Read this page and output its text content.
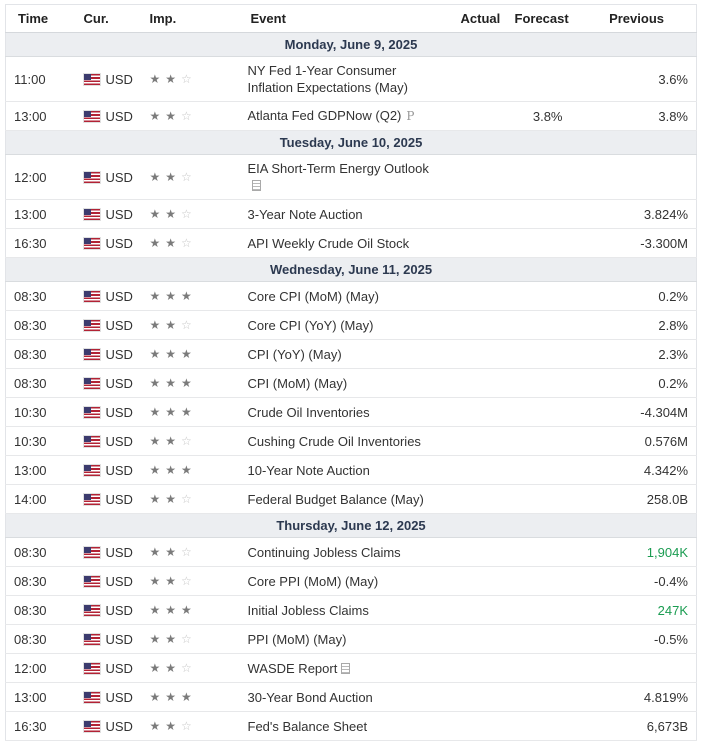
Time	Cur.	Imp.	Event	Actual	Forecast	Previous
Monday, June 9, 2025						
11:00	USD	★ ★ ☆	NY Fed 1-Year Consumer Inflation Expectations (May)			3.6%
13:00	USD	★ ★ ☆	Atlanta Fed GDPNow (Q2) P		3.8%	3.8%
Tuesday, June 10, 2025						
12:00	USD	★ ★ ☆	EIA Short-Term Energy Outlook

13:00	USD	★ ★ ☆	3-Year Note Auction			3.824%
16:30	USD	★ ★ ☆	API Weekly Crude Oil Stock			-3.300M
Wednesday, June 11, 2025						
08:30	USD	★ ★ ★	Core CPI (MoM) (May)			0.2%
08:30	USD	★ ★ ☆	Core CPI (YoY) (May)			2.8%
08:30	USD	★ ★ ★	CPI (YoY) (May)			2.3%
08:30	USD	★ ★ ★	CPI (MoM) (May)			0.2%
10:30	USD	★ ★ ★	Crude Oil Inventories			-4.304M
10:30	USD	★ ★ ☆	Cushing Crude Oil Inventories			0.576M
13:00	USD	★ ★ ★	10-Year Note Auction			4.342%
14:00	USD	★ ★ ☆	Federal Budget Balance (May)			258.0B
Thursday, June 12, 2025						
08:30	USD	★ ★ ☆	Continuing Jobless Claims			1,904K
08:30	USD	★ ★ ☆	Core PPI (MoM) (May)			-0.4%
08:30	USD	★ ★ ★	Initial Jobless Claims			247K
08:30	USD	★ ★ ☆	PPI (MoM) (May)			-0.5%
12:00	USD	★ ★ ☆	WASDE Report			
13:00	USD	★ ★ ★	30-Year Bond Auction			4.819%
16:30	USD	★ ★ ☆	Fed's Balance Sheet			6,673B
